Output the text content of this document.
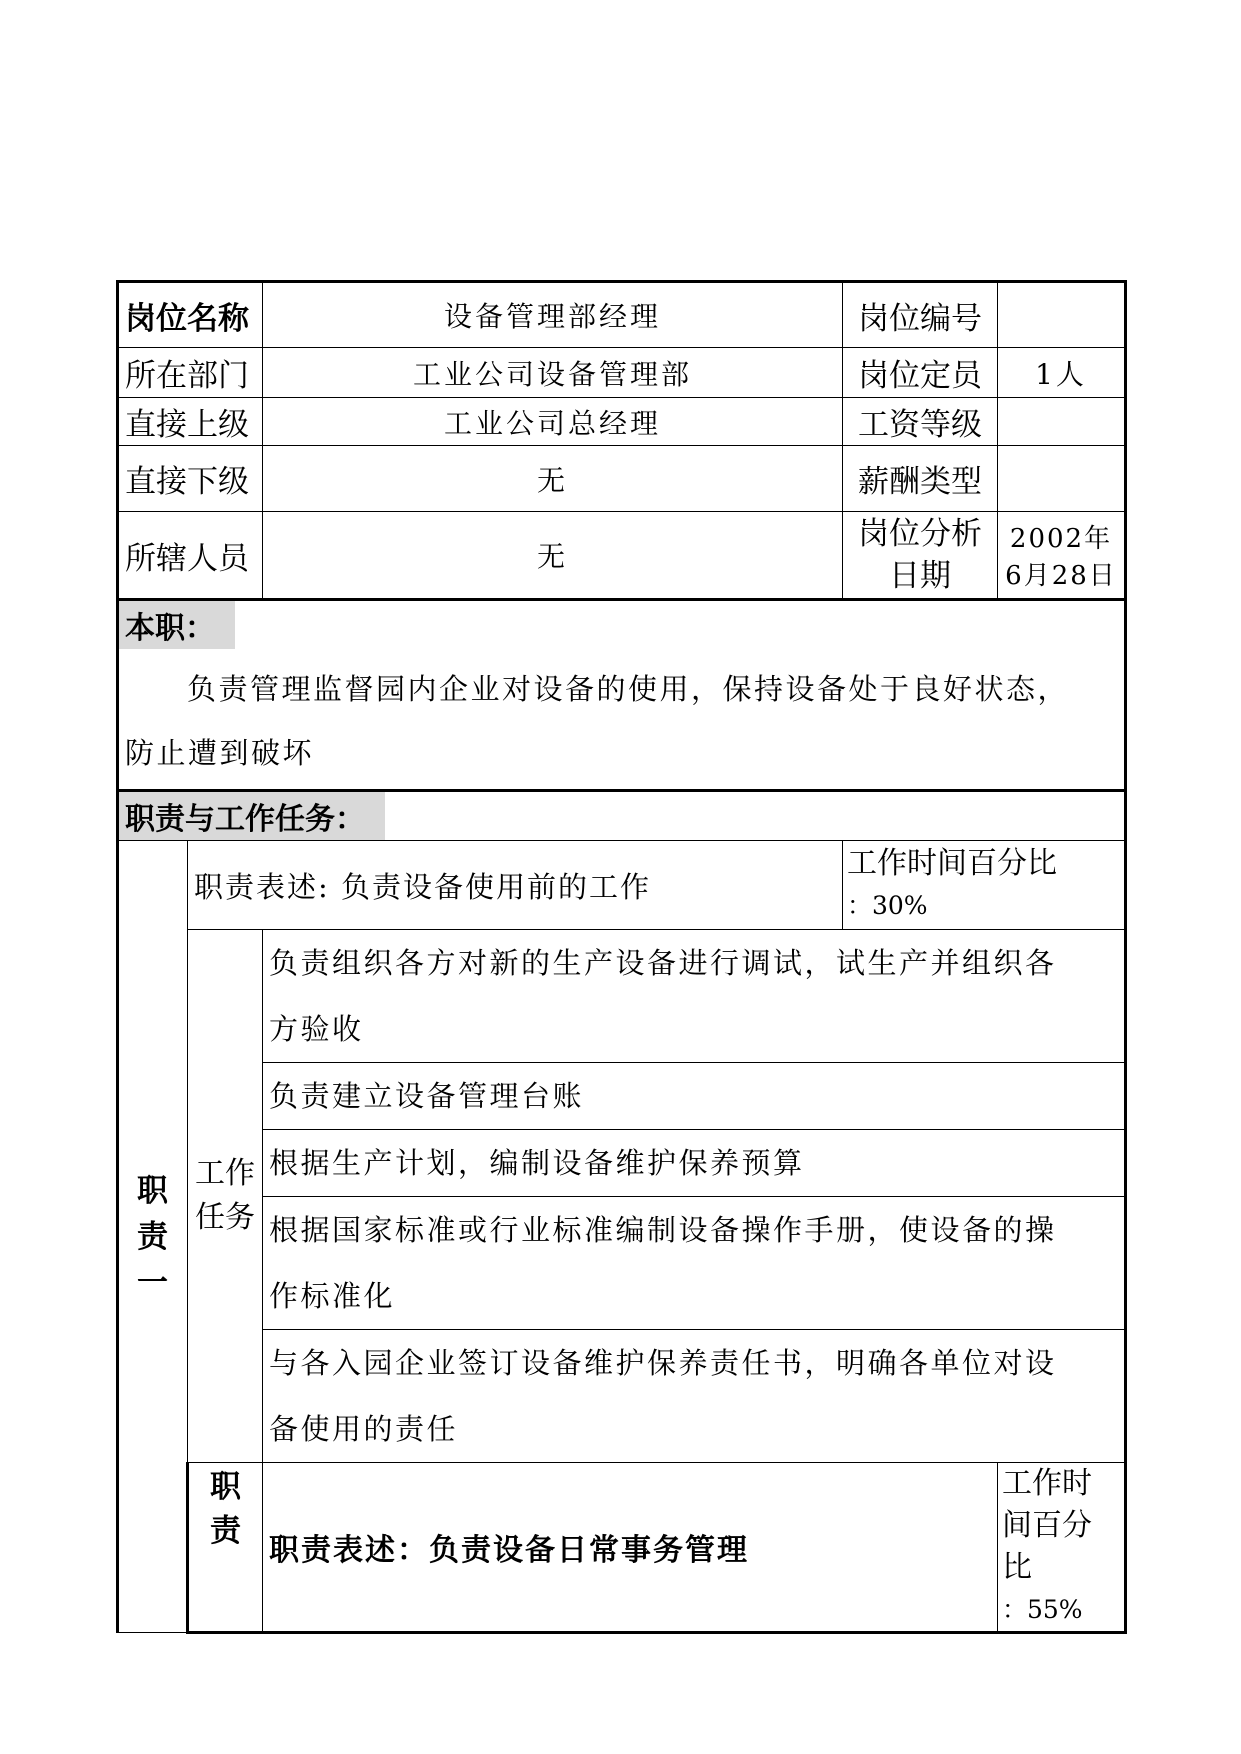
岗位名称		设备管理部经理	岗位编号	
所在部门		工业公司设备管理部	岗位定员	1人
直接上级		工业公司总经理	工资等级	
直接下级		无	薪酬类型	
所辖人员		无	岗位分析日期	2002年6月28日

本职：
负责管理监督园内企业对设备的使用，保持设备处于良好状态，
防止遭到破坏				

职责与工作任务：				

职责一	职责表述: 负责设备使用前的工作		工作时间百分比
：30%	

	工作任务	负责组织各方对新的生产设备进行调试，试生产并组织各
方验收		

		负责建立设备管理台账		
		根据生产计划，编制设备维护保养预算		

		根据国家标准或行业标准编制设备操作手册，使设备的操
作标准化		

		与各入园企业签订设备维护保养责任书，明确各单位对设
备使用的责任		

	职责	职责表述：负责设备日常事务管理		工作时间百分比
：55%
